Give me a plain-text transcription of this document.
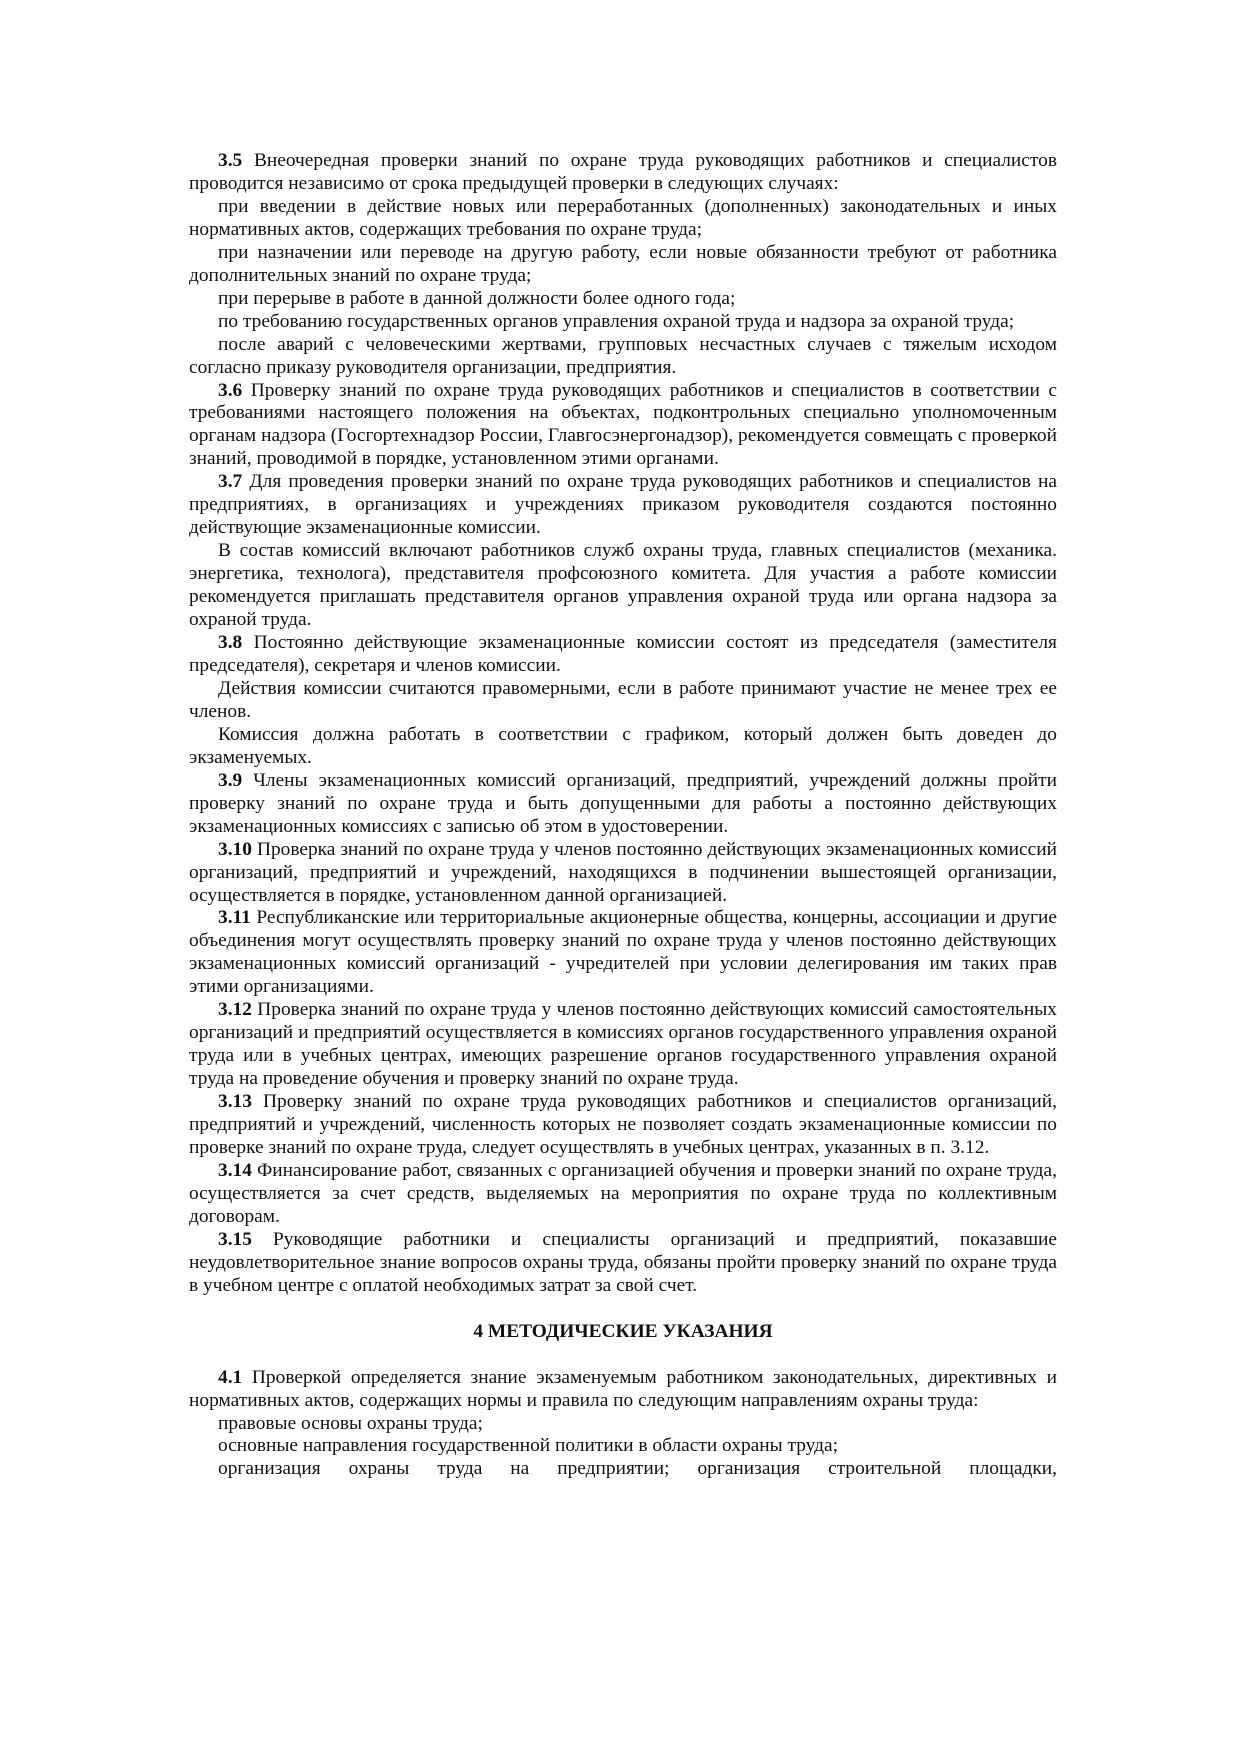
3.5 Внеочередная проверки знаний по охране труда руководящих работников и специалистов проводится независимо от срока предыдущей проверки в следующих случаях:

при введении в действие новых или переработанных (дополненных) законодательных и иных нормативных актов, содержащих требования по охране труда;

при назначении или переводе на другую работу, если новые обязанности требуют от работника дополнительных знаний по охране труда;

при перерыве в работе в данной должности более одного года;

по требованию государственных органов управления охраной труда и надзора за охраной труда;

после аварий с человеческими жертвами, групповых несчастных случаев с тяжелым исходом согласно приказу руководителя организации, предприятия.

3.6 Проверку знаний по охране труда руководящих работников и специалистов в соответствии с требованиями настоящего положения на объектах, подконтрольных специально уполномоченным органам надзора (Госгортехнадзор России, Главгосэнергонадзор), рекомендуется совмещать с проверкой знаний, проводимой в порядке, установленном этими органами.

3.7 Для проведения проверки знаний по охране труда руководящих работников и специалистов на предприятиях, в организациях и учреждениях приказом руководителя создаются постоянно действующие экзаменационные комиссии.

В состав комиссий включают работников служб охраны труда, главных специалистов (механика. энергетика, технолога), представителя профсоюзного комитета. Для участия а работе комиссии рекомендуется приглашать представителя органов управления охраной труда или органа надзора за охраной труда.

3.8 Постоянно действующие экзаменационные комиссии состоят из председателя (заместителя председателя), секретаря и членов комиссии.

Действия комиссии считаются правомерными, если в работе принимают участие не менее трех ее членов.

Комиссия должна работать в соответствии с графиком, который должен быть доведен до экзаменуемых.

3.9 Члены экзаменационных комиссий организаций, предприятий, учреждений должны пройти проверку знаний по охране труда и быть допущенными для работы а постоянно действующих экзаменационных комиссиях с записью об этом в удостоверении.

3.10 Проверка знаний по охране труда у членов постоянно действующих экзаменационных комиссий организаций, предприятий и учреждений, находящихся в подчинении вышестоящей организации, осуществляется в порядке, установленном данной организацией.

3.11 Республиканские или территориальные акционерные общества, концерны, ассоциации и другие объединения могут осуществлять проверку знаний по охране труда у членов постоянно действующих экзаменационных комиссий организаций - учредителей при условии делегирования им таких прав этими организациями.

3.12 Проверка знаний по охране труда у членов постоянно действующих комиссий самостоятельных организаций и предприятий осуществляется в комиссиях органов государственного управления охраной труда или в учебных центрах, имеющих разрешение органов государственного управления охраной труда на проведение обучения и проверку знаний по охране труда.

3.13 Проверку знаний по охране труда руководящих работников и специалистов организаций, предприятий и учреждений, численность которых не позволяет создать экзаменационные комиссии по проверке знаний по охране труда, следует осуществлять в учебных центрах, указанных в п. 3.12.

3.14 Финансирование работ, связанных с организацией обучения и проверки знаний по охране труда, осуществляется за счет средств, выделяемых на мероприятия по охране труда по коллективным договорам.

3.15 Руководящие работники и специалисты организаций и предприятий, показавшие неудовлетворительное знание вопросов охраны труда, обязаны пройти проверку знаний по охране труда в учебном центре с оплатой необходимых затрат за свой счет.

4 МЕТОДИЧЕСКИЕ УКАЗАНИЯ

4.1 Проверкой определяется знание экзаменуемым работником законодательных, директивных и нормативных актов, содержащих нормы и правила по следующим направлениям охраны труда:

правовые основы охраны труда;

основные направления государственной политики в области охраны труда;

организация охраны труда на предприятии; организация строительной площадки,
